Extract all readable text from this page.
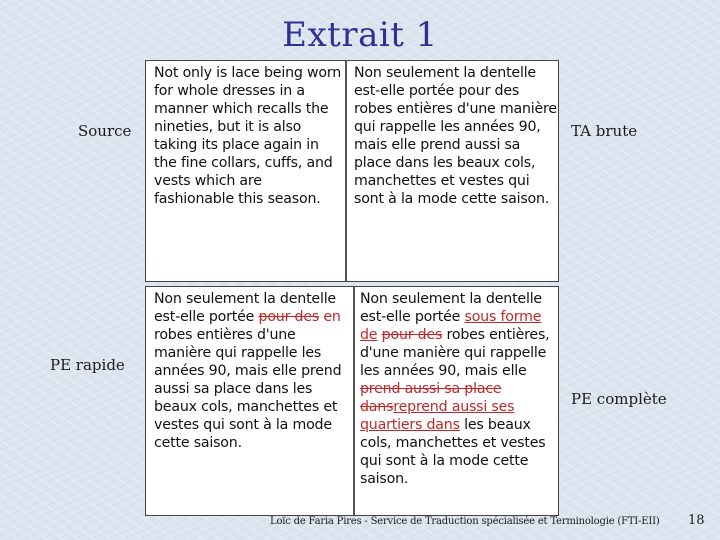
Extrait 1
Source	TA brute
PE rapide
PE complète
Not only is lace being worn for whole dresses in a manner which recalls the nineties, but it is also taking its place again in the fine collars, cuffs, and vests which are fashionable this season.
Non seulement la dentelle est-elle portée pour des robes entières d'une manière qui rappelle les années 90, mais elle prend aussi sa place dans les beaux cols, manchettes et vestes qui sont à la mode cette saison.
Non seulement la dentelle est-elle portée pour des en robes entières d'une manière qui rappelle les années 90, mais elle prend aussi sa place dans les beaux cols, manchettes et vestes qui sont à la mode cette saison.
Non seulement la dentelle est-elle portée sous forme de pour des robes entières, d'une manière qui rappelle les années 90, mais elle prend aussi sa place dansreprend aussi ses quartiers dans les beaux cols, manchettes et vestes qui sont à la mode cette saison.
Loïc de Faria Pires - Service de Traduction spécialisée et Terminologie (FTI-EII) 18
